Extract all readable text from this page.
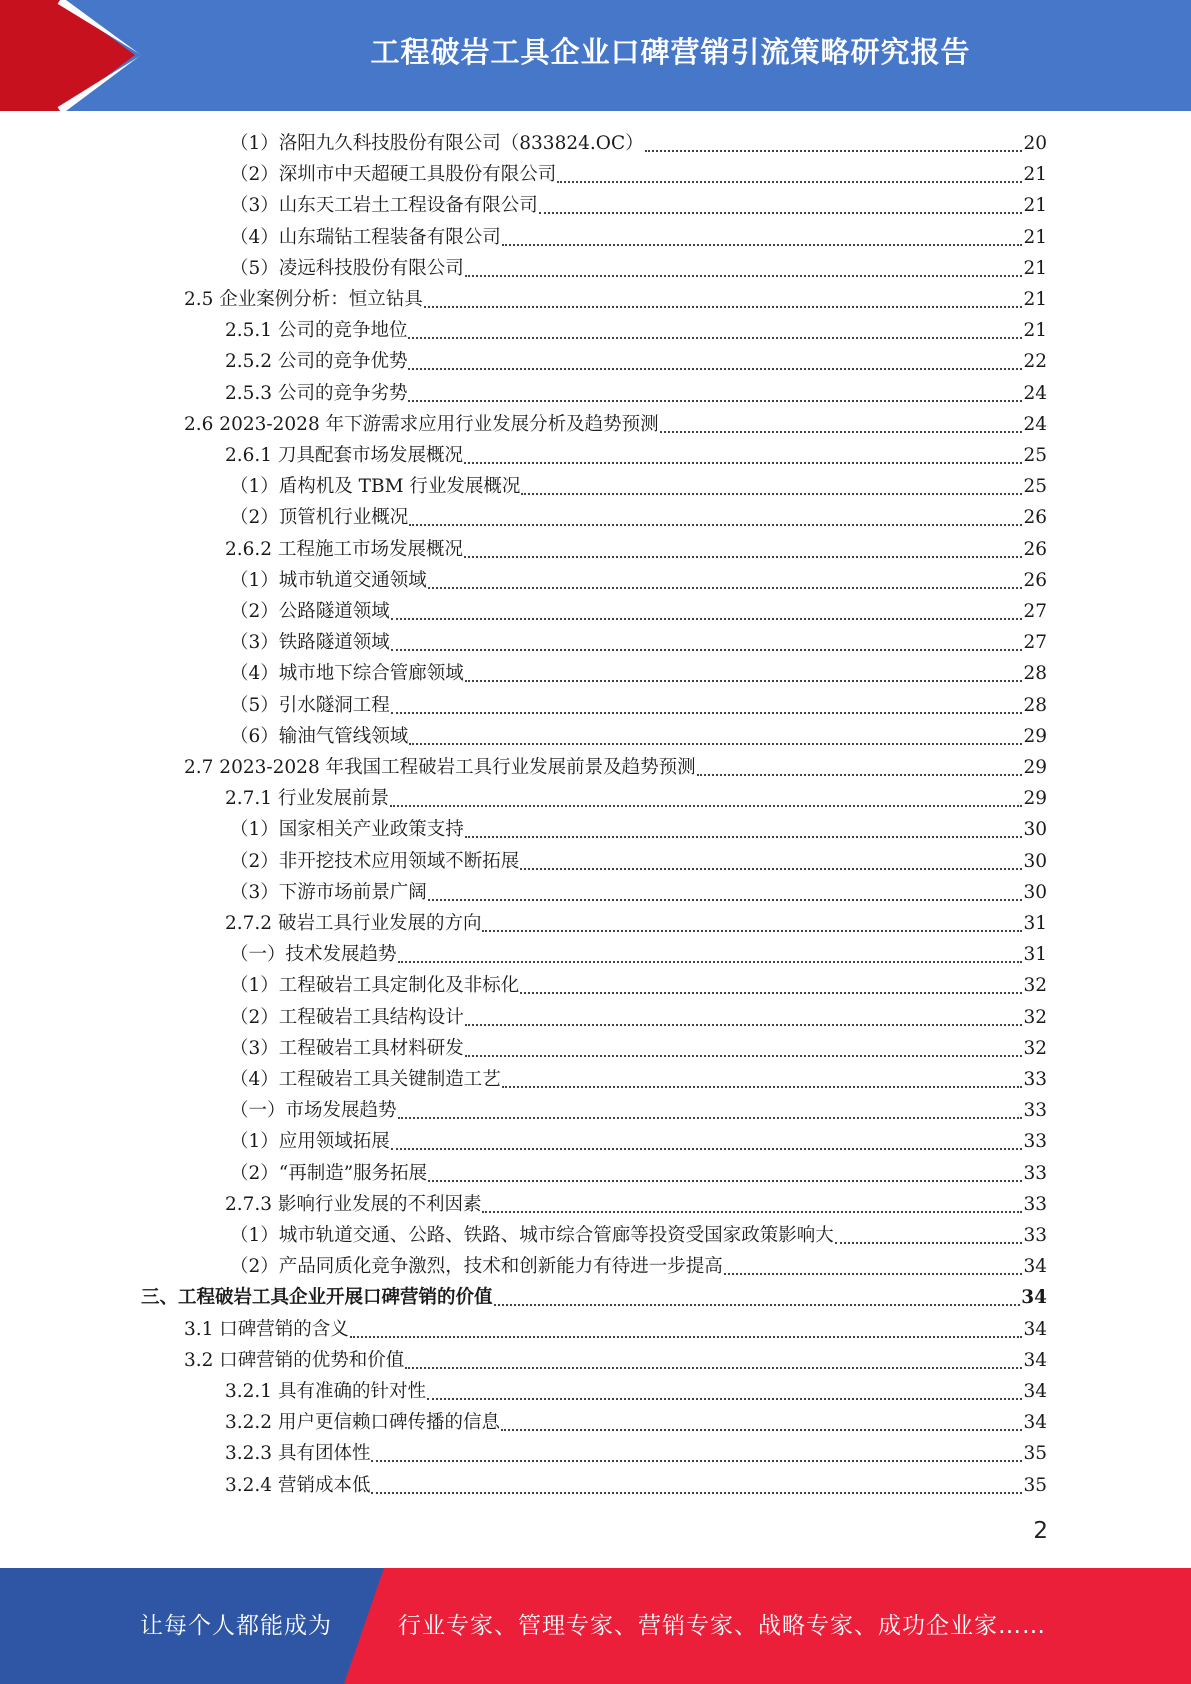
工程破岩工具企业口碑营销引流策略研究报告
（1）洛阳九久科技股份有限公司（833824.OC）	20
（2）深圳市中天超硬工具股份有限公司	21
（3）山东天工岩土工程设备有限公司	21
（4）山东瑞钻工程装备有限公司	21
（5）凌远科技股份有限公司	21
2.5 企业案例分析：恒立钻具	21
2.5.1 公司的竞争地位	21
2.5.2 公司的竞争优势	22
2.5.3 公司的竞争劣势	24
2.6 2023-2028 年下游需求应用行业发展分析及趋势预测	24
2.6.1 刀具配套市场发展概况	25
（1）盾构机及 TBM 行业发展概况	25
（2）顶管机行业概况	26
2.6.2 工程施工市场发展概况	26
（1）城市轨道交通领域	26
（2）公路隧道领域	27
（3）铁路隧道领域	27
（4）城市地下综合管廊领域	28
（5）引水隧洞工程	28
（6）输油气管线领域	29
2.7 2023-2028 年我国工程破岩工具行业发展前景及趋势预测	29
2.7.1 行业发展前景	29
（1）国家相关产业政策支持	30
（2）非开挖技术应用领域不断拓展	30
（3）下游市场前景广阔	30
2.7.2 破岩工具行业发展的方向	31
（一）技术发展趋势	31
（1）工程破岩工具定制化及非标化	32
（2）工程破岩工具结构设计	32
（3）工程破岩工具材料研发	32
（4）工程破岩工具关键制造工艺	33
（一）市场发展趋势	33
（1）应用领域拓展	33
（2）“再制造”服务拓展	33
2.7.3 影响行业发展的不利因素	33
（1）城市轨道交通、公路、铁路、城市综合管廊等投资受国家政策影响大	33
（2）产品同质化竞争激烈，技术和创新能力有待进一步提高	34
三、工程破岩工具企业开展口碑营销的价值	34
3.1 口碑营销的含义	34
3.2 口碑营销的优势和价值	34
3.2.1 具有准确的针对性	34
3.2.2 用户更信赖口碑传播的信息	34
3.2.3 具有团体性	35
3.2.4 营销成本低	35
2
让每个人都能成为	行业专家、管理专家、营销专家、战略专家、成功企业家……
